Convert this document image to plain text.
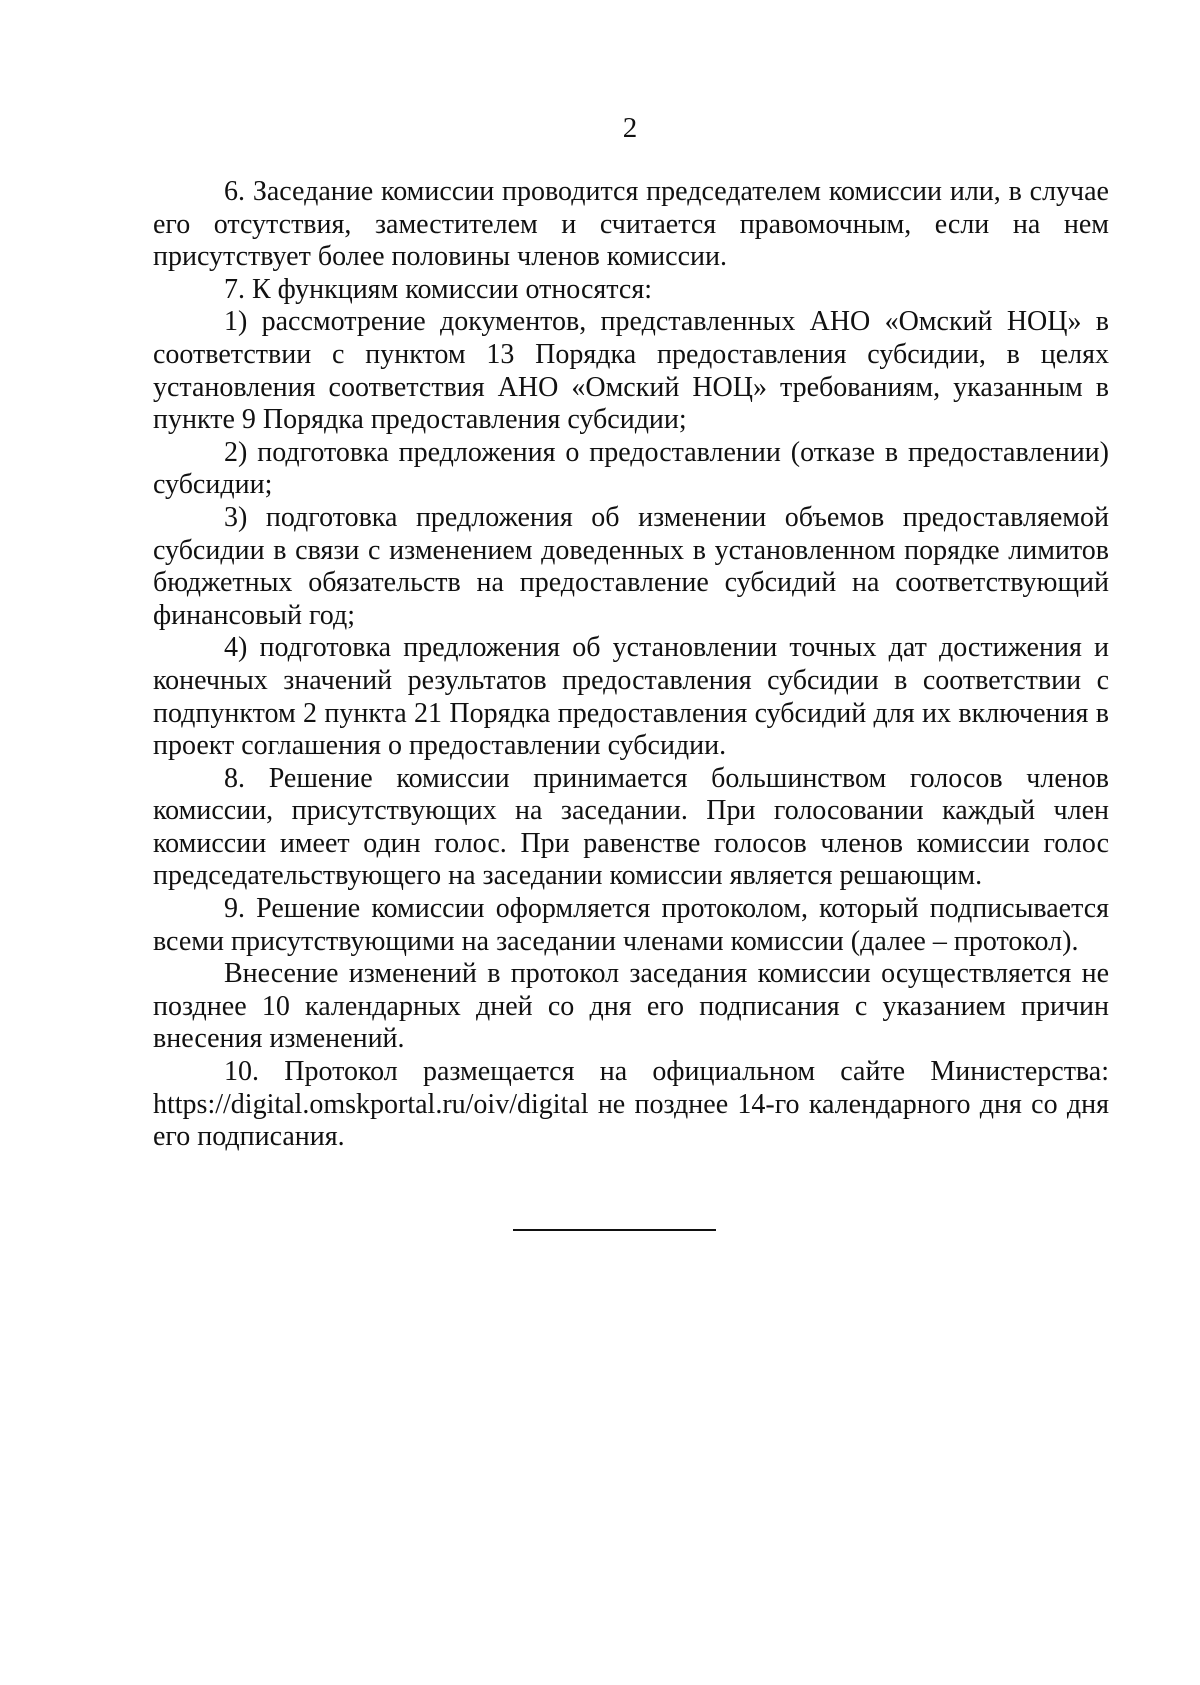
2

6. Заседание комиссии проводится председателем комиссии или, в случае его отсутствия, заместителем и считается правомочным, если на нем присутствует более половины членов комиссии.

7. К функциям комиссии относятся:

1) рассмотрение документов, представленных АНО «Омский НОЦ» в соответствии с пунктом 13 Порядка предоставления субсидии, в целях установления соответствия АНО «Омский НОЦ» требованиям, указанным в пункте 9 Порядка предоставления субсидии;

2) подготовка предложения о предоставлении (отказе в предоставлении) субсидии;

3) подготовка предложения об изменении объемов предоставляемой субсидии в связи с изменением доведенных в установленном порядке лимитов бюджетных обязательств на предоставление субсидий на соответствующий финансовый год;

4) подготовка предложения об установлении точных дат достижения и конечных значений результатов предоставления субсидии в соответствии с подпунктом 2 пункта 21 Порядка предоставления субсидий для их включения в проект соглашения о предоставлении субсидии.

8. Решение комиссии принимается большинством голосов членов комиссии, присутствующих на заседании. При голосовании каждый член комиссии имеет один голос. При равенстве голосов членов комиссии голос председательствующего на заседании комиссии является решающим.

9. Решение комиссии оформляется протоколом, который подписывается всеми присутствующими на заседании членами комиссии (далее – протокол).

Внесение изменений в протокол заседания комиссии осуществляется не позднее 10 календарных дней со дня его подписания с указанием причин внесения изменений.

10. Протокол размещается на официальном сайте Министерства: https://digital.omskportal.ru/oiv/digital не позднее 14-го календарного дня со дня его подписания.
